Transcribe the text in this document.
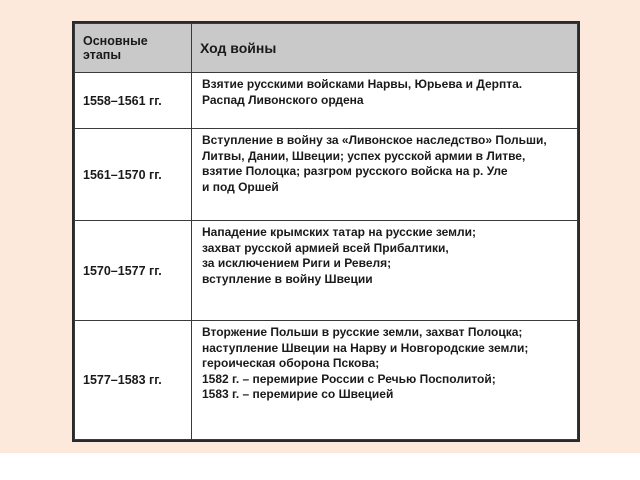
Основные
этапы	Ход войны
1558–1561 гг.	Взятие русскими войсками Нарвы, Юрьева и Дерпта.
Распад Ливонского ордена

1561–1570 гг.	Вступление в войну за «Ливонское наследство» Польши,
Литвы, Дании, Швеции; успех русской армии в Литве,
взятие Полоцка; разгром русского войска на р. Уле
и под Оршей

1570–1577 гг.	Нападение крымских татар на русские земли;
захват русской армией всей Прибалтики,
за исключением Риги и Ревеля;
вступление в войну Швеции

1577–1583 гг.	Вторжение Польши в русские земли, захват Полоцка;
наступление Швеции на Нарву и Новгородские земли;
героическая оборона Пскова;
1582 г. – перемирие России с Речью Посполитой;
1583 г. – перемирие со Швецией
